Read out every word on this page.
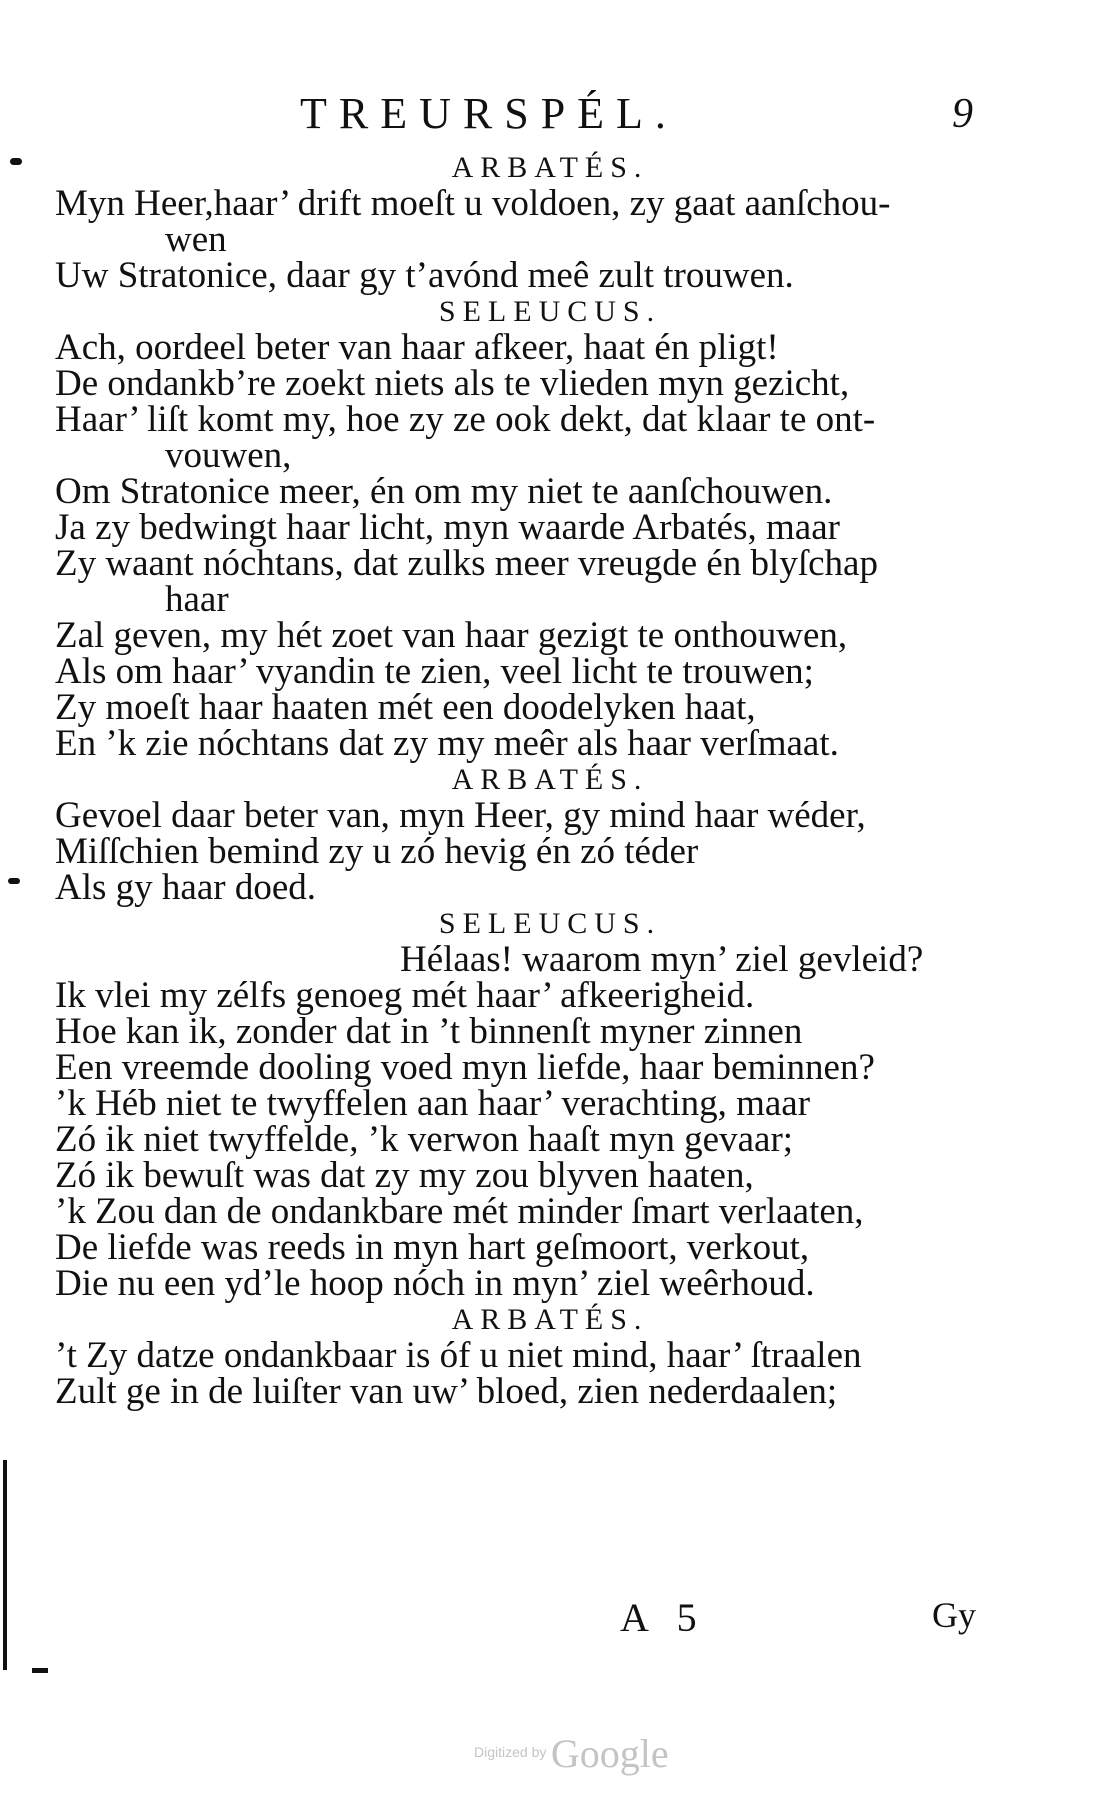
TREURSPÉL.	9

ARBATÉS.

Myn Heer,haar’ drift moeſt u voldoen, zy gaat aanſchou-

wen

Uw Stratonice, daar gy t’avónd meê zult trouwen.

SELEUCUS.

Ach, oordeel beter van haar afkeer, haat én pligt!

De ondankb’re zoekt niets als te vlieden myn gezicht,

Haar’ liſt komt my, hoe zy ze ook dekt, dat klaar te ont-

vouwen,

Om Stratonice meer, én om my niet te aanſchouwen.

Ja zy bedwingt haar licht, myn waarde Arbatés, maar

Zy waant nóchtans, dat zulks meer vreugde én blyſchap

haar

Zal geven, my hét zoet van haar gezigt te onthouwen,

Als om haar’ vyandin te zien, veel licht te trouwen;

Zy moeſt haar haaten mét een doodelyken haat,

En ’k zie nóchtans dat zy my meêr als haar verſmaat.

ARBATÉS.

Gevoel daar beter van, myn Heer, gy mind haar wéder,

Miſſchien bemind zy u zó hevig én zó téder

Als gy haar doed.

SELEUCUS.

Hélaas! waarom myn’ ziel gevleid?

Ik vlei my zélfs genoeg mét haar’ afkeerigheid.

Hoe kan ik, zonder dat in ’t binnenſt myner zinnen

Een vreemde dooling voed myn liefde, haar beminnen?

’k Héb niet te twyffelen aan haar’ verachting, maar

Zó ik niet twyffelde, ’k verwon haaſt myn gevaar;

Zó ik bewuſt was dat zy my zou blyven haaten,

’k Zou dan de ondankbare mét minder ſmart verlaaten,

De liefde was reeds in myn hart geſmoort, verkout,

Die nu een yd’le hoop nóch in myn’ ziel weêrhoud.

ARBATÉS.

’t Zy datze ondankbaar is óf u niet mind, haar’ ſtraalen

Zult ge in de luiſter van uw’ bloed, zien nederdaalen;

A 5	Gy
Digitized by Google
